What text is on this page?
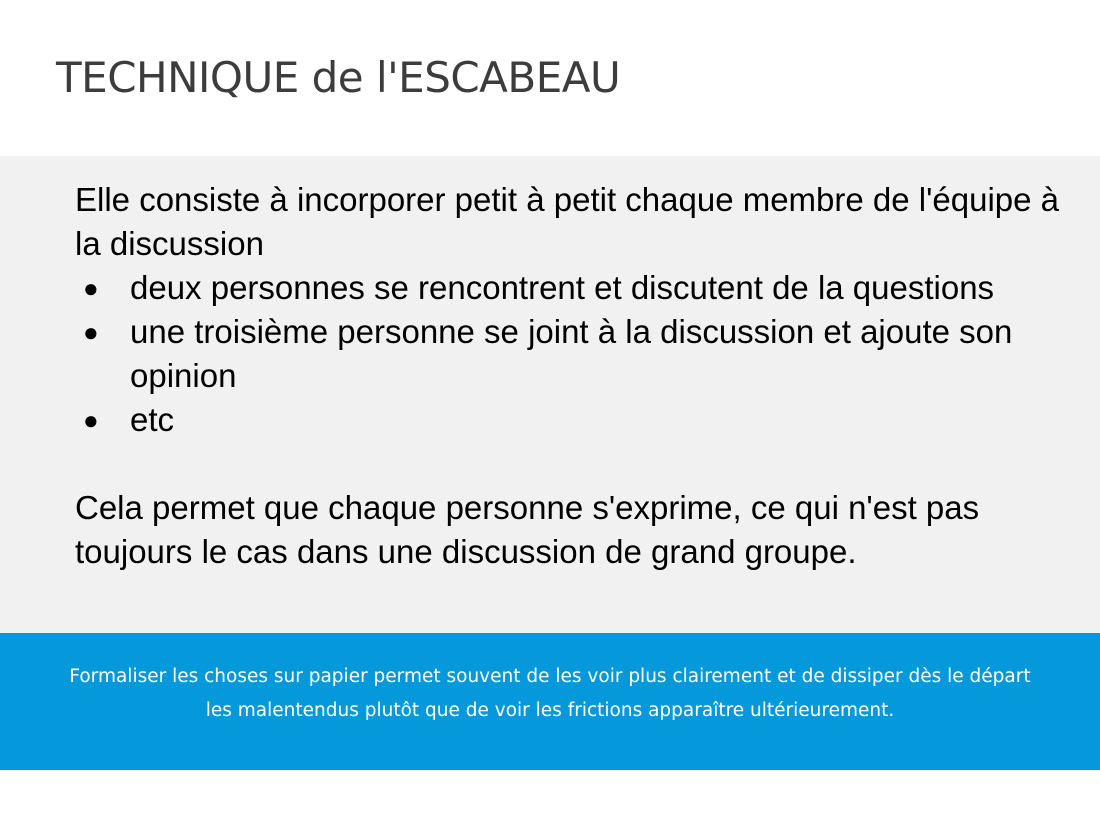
TECHNIQUE de l'ESCABEAU

Elle consiste à incorporer petit à petit chaque membre de l'équipe à la discussion

● deux personnes se rencontrent et discutent de la questions
● une troisième personne se joint à la discussion et ajoute son opinion
● etc

Cela permet que chaque personne s'exprime, ce qui n'est pas toujours le cas dans une discussion de grand groupe.

Formaliser les choses sur papier permet souvent de les voir plus clairement et de dissiper dès le départ les malentendus plutôt que de voir les frictions apparaître ultérieurement.
